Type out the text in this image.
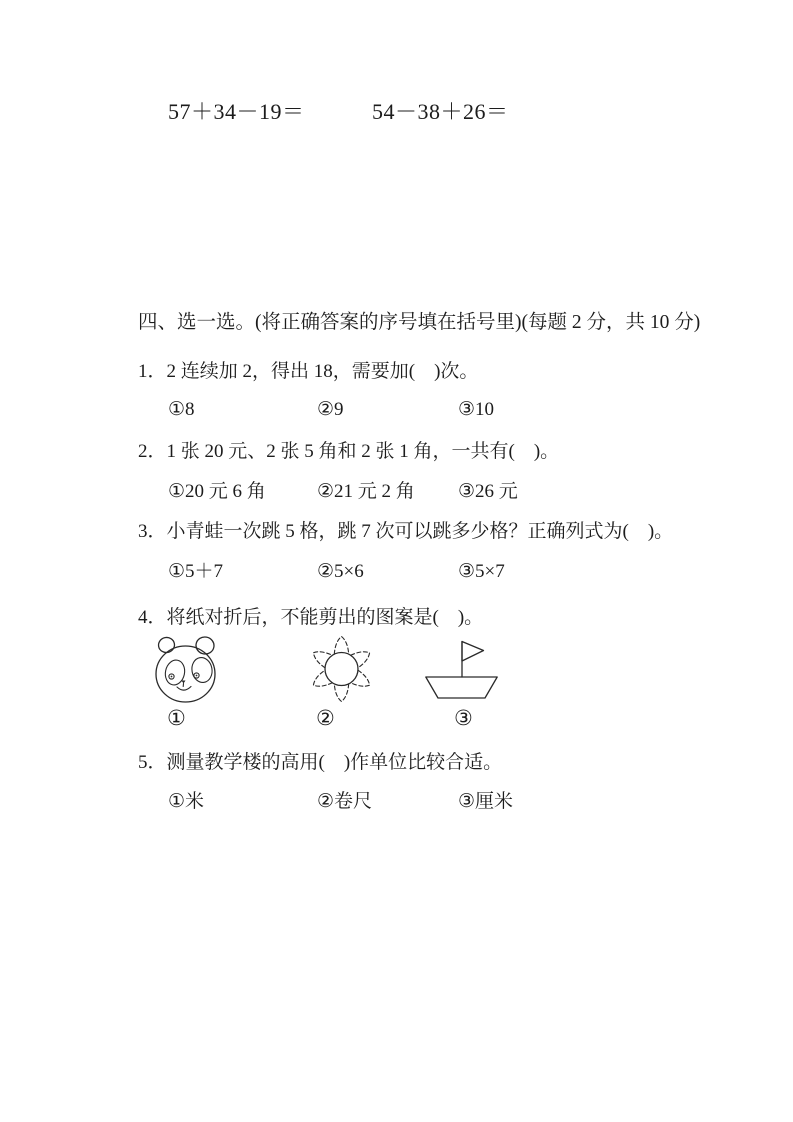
57＋34－19＝	54－38＋26＝
四、选一选。(将正确答案的序号填在括号里)(每题 2 分，共 10 分)
1．2 连续加 2，得出 18，需要加(    )次。
①8	②9	③10
2．1 张 20 元、2 张 5 角和 2 张 1 角，一共有(    )。
①20 元 6 角	②21 元 2 角 ③26 元
3．小青蛙一次跳 5 格，跳 7 次可以跳多少格？正确列式为(    )。
①5＋7	②5×6	③5×7
4．将纸对折后，不能剪出的图案是(    )。
①	②	③
5．测量教学楼的高用(    )作单位比较合适。
①米	②卷尺	③厘米
